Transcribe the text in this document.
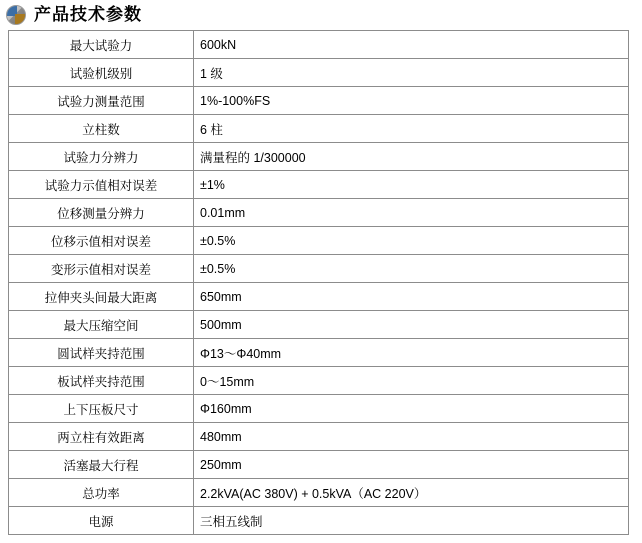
产品技术参数
最大试验力	600kN
试验机级别	1 级
试验力测量范围	1%-100%FS
立柱数	6 柱
试验力分辨力	满量程的 1/300000
试验力示值相对误差	±1%
位移测量分辨力	0.01mm
位移示值相对误差	±0.5%
变形示值相对误差	±0.5%
拉伸夹头间最大距离	650mm
最大压缩空间	500mm
圆试样夹持范围	Φ13～Φ40mm
板试样夹持范围	0～15mm
上下压板尺寸	Φ160mm
两立柱有效距离	480mm
活塞最大行程	250mm
总功率	2.2kVA(AC 380V) + 0.5kVA（AC 220V）
电源	三相五线制
